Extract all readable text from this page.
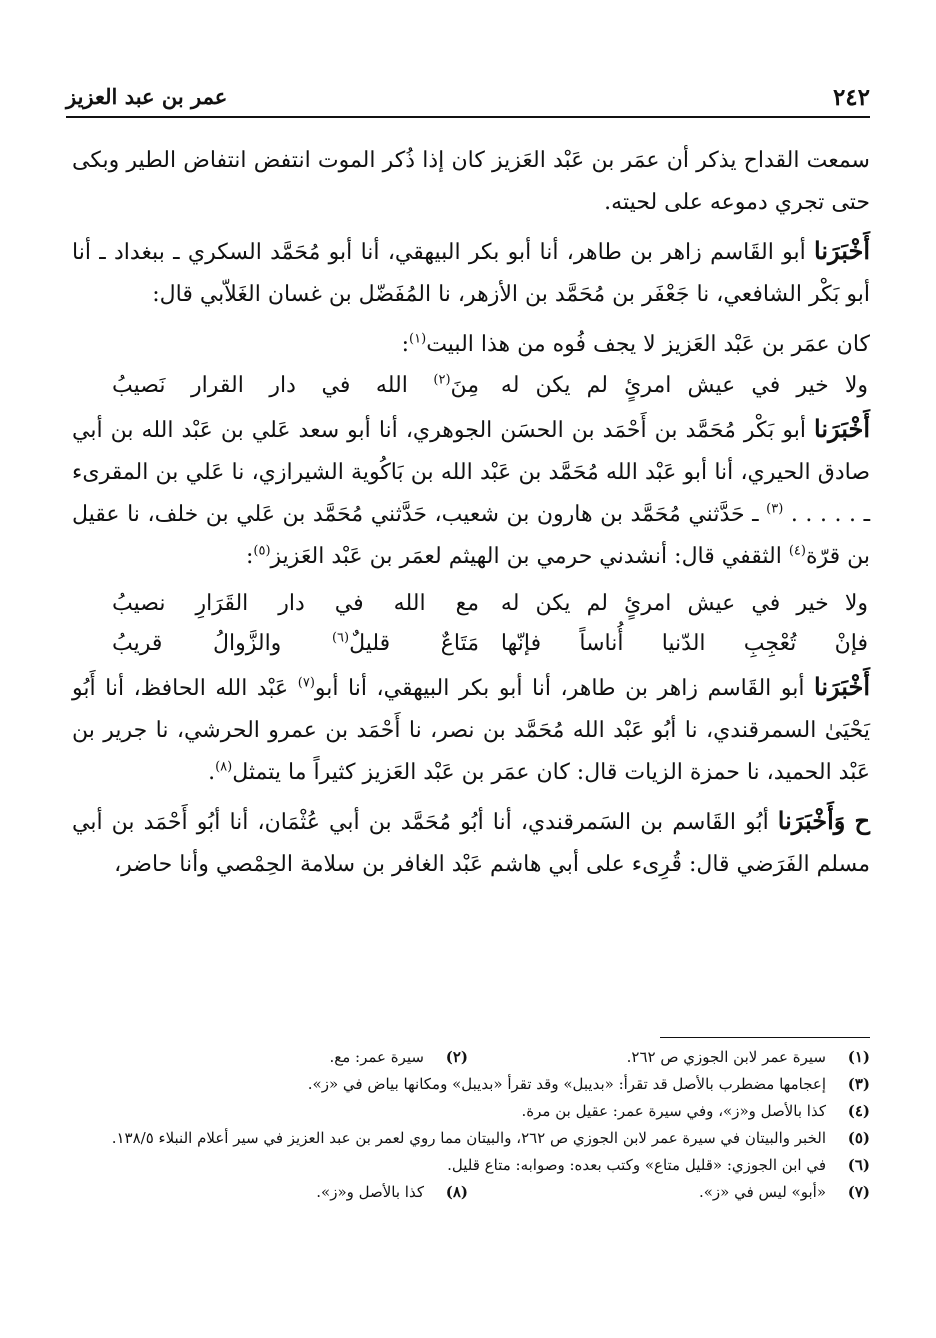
٢٤٢
عمر بن عبد العزيز

سمعت القداح يذكر أن عمَر بن عَبْد العَزيز كان إذا ذُكر الموت انتفض انتفاض الطير وبكى حتى تجري دموعه على لحيته.

أَخْبَرَنا أبو القَاسم زاهر بن طاهر، أنا أبو بكر البيهقي، أنا أبو مُحَمَّد السكري ـ ببغداد ـ أنا أبو بَكْر الشافعي، نا جَعْفَر بن مُحَمَّد بن الأزهر، نا المُفَضّل بن غسان الغَلاّبي قال:

كان عمَر بن عَبْد العَزيز لا يجف فُوه من هذا البيت$^{(١)}$:

ولا خير في عيش امرئٍ لم يكن له
مِنَ$^{(٢)}$ الله في دار القرار نَصيبُ

أَخْبَرَنا أبو بَكْر مُحَمَّد بن أَحْمَد بن الحسَن الجوهري، أنا أبو سعد عَلي بن عَبْد الله بن أبي صادق الحيري، أنا أبو عَبْد الله مُحَمَّد بن عَبْد الله بن بَاكُوية الشيرازي، نا عَلي بن المقرىء ـ . . . . . $^{(٣)}$ ـ حَدَّثني مُحَمَّد بن هارون بن شعيب، حَدَّثني مُحَمَّد بن عَلي بن خلف، نا عقيل بن قرّة$^{(٤)}$ الثقفي قال: أنشدني حرمي بن الهيثم لعمَر بن عَبْد العَزيز$^{(٥)}$:

ولا خير في عيش امرئٍ لم يكن له
مع الله في دار القَرَارِ نصيبُ
فإنْ تُعْجِبِ الدّنيا أُناساً فإنّها
مَتَاعٌ قليلٌ$^{(٦)}$ والزَّوالُ قريبُ

أَخْبَرَنا أبو القَاسم زاهر بن طاهر، أنا أبو بكر البيهقي، أنا أبو$^{(٧)}$ عَبْد الله الحافظ، أنا أَبُو يَحْيَىٰ السمرقندي، نا أبُو عَبْد الله مُحَمَّد بن نصر، نا أَحْمَد بن عمرو الحرشي، نا جرير بن عَبْد الحميد، نا حمزة الزيات قال: كان عمَر بن عَبْد العَزيز كثيراً ما يتمثل$^{(٨)}$.

ح وَأَخْبَرَنا أبُو القَاسم بن السَمرقندي، أنا أبُو مُحَمَّد بن أبي عُثْمَان، أنا أبُو أَحْمَد بن أبي مسلم الفَرَضي قال: قُرِىء على أبي هاشم عَبْد الغافر بن سلامة الحِمْصي وأنا حاضر،

(١)
سيرة عمر لابن الجوزي ص ٢٦٢.
(٢)
سيرة عمر: مع.
(٣)
إعجامها مضطرب بالأصل قد تقرأ: «بديبل» وقد تقرأ «بديبل» ومكانها بياض في «ز».
(٤)
كذا بالأصل و«ز»، وفي سيرة عمر: عقيل بن مرة.
(٥)
الخبر والبيتان في سيرة عمر لابن الجوزي ص ٢٦٢، والبيتان مما روي لعمر بن عبد العزيز في سير أعلام النبلاء ١٣٨/٥.
(٦)
في ابن الجوزي: «قليل متاع» وكتب بعده: وصوابه: متاع قليل.
(٧)
«أبو» ليس في «ز».
(٨)
كذا بالأصل و«ز».
